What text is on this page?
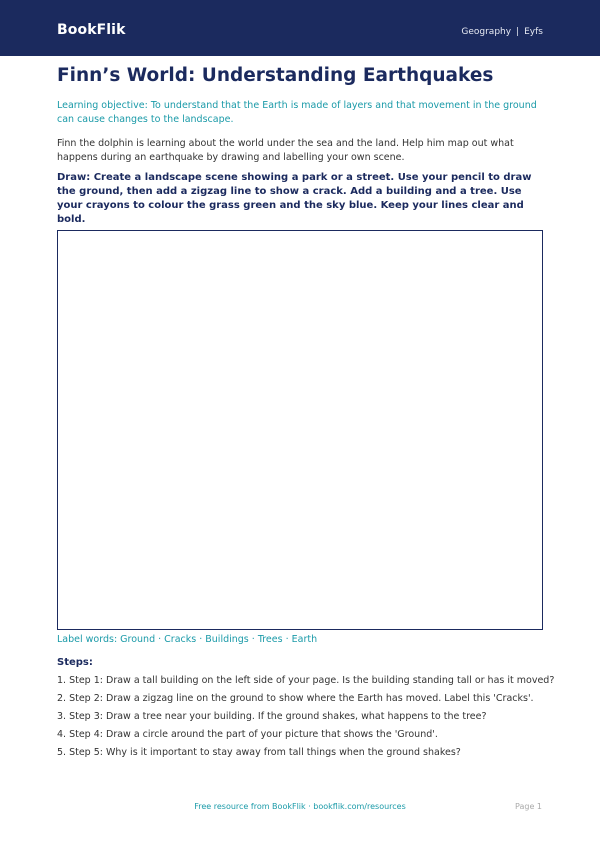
BookFlik	Geography | Eyfs
Finn’s World: Understanding Earthquakes

Learning objective: To understand that the Earth is made of layers and that movement in the ground can cause changes to the landscape.

Finn the dolphin is learning about the world under the sea and the land. Help him map out what happens during an earthquake by drawing and labelling your own scene.

Draw: Create a landscape scene showing a park or a street. Use your pencil to draw the ground, then add a zigzag line to show a crack. Add a building and a tree. Use your crayons to colour the grass green and the sky blue. Keep your lines clear and bold.

Label words: Ground · Cracks · Buildings · Trees · Earth
Steps:
1. Step 1: Draw a tall building on the left side of your page. Is the building standing tall or has it moved?
2. Step 2: Draw a zigzag line on the ground to show where the Earth has moved. Label this 'Cracks'.
3. Step 3: Draw a tree near your building. If the ground shakes, what happens to the tree?
4. Step 4: Draw a circle around the part of your picture that shows the 'Ground'.
5. Step 5: Why is it important to stay away from tall things when the ground shakes?
Free resource from BookFlik · bookflik.com/resources	Page 1
